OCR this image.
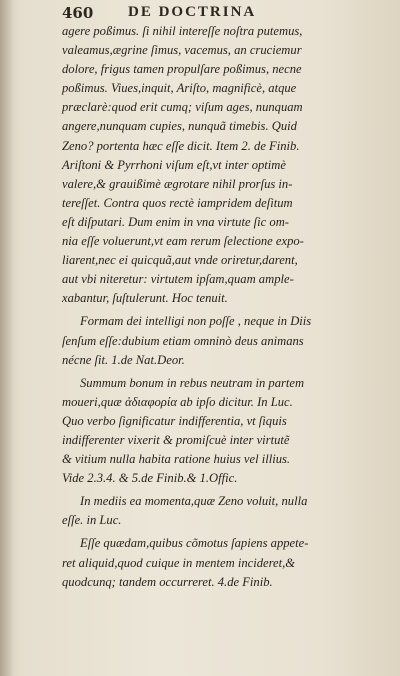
460 DE DOCTRINA
agere poßimus. ſi nihil intereſſe noſtra putemus,
valeamus,ægrine ſimus, vacemus, an cruciemur
dolore, frigus tamen propulſare poßimus, necne
poßimus. Viues,inquit, Ariſto, magnificè, atque
præclarè:quod erit cumq; viſum ages, nunquam
angere,nunquam cupies, nunquã timebis. Quid
Zeno? portenta hæc eſſe dicit. Item 2. de Finib.
Ariſtoni & Pyrrhoni viſum eſt,vt inter optimè
valere,& grauißimè ægrotare nihil prorſus in-
tereſſet. Contra quos rectè iampridem deſitum
eſt diſputari. Dum enim in vna virtute ſic om-
nia eſſe voluerunt,vt eam rerum ſelectione expo-
liarent,nec ei quicquã,aut vnde oriretur,darent,
aut vbi niteretur: virtutem ipſam,quam ample-
xabantur, ſuſtulerunt. Hoc tenuit.
Formam dei intelligi non poſſe , neque in Diis
ſenſum eſſe:dubium etiam omninò deus animans
nécne ſit. 1.de Nat.Deor.
Summum bonum in rebus neutram in partem
moueri,quæ ἀδιαφορία ab ipſo dicitur. In Luc.
Quo verbo ſignificatur indifferentia, vt ſiquis
indifferenter vixerit & promiſcuè inter virtutẽ
& vitium nulla habita ratione huius vel illius.
Vide 2.3.4. & 5.de Finib.& 1.Offic.
In mediis ea momenta,quæ Zeno voluit, nulla
eſſe. in Luc.
Eſſe quædam,quibus cõmotus ſapiens appete-
ret aliquid,quod cuique in mentem incideret,&
quodcunq; tandem occurreret. 4.de Finib.
